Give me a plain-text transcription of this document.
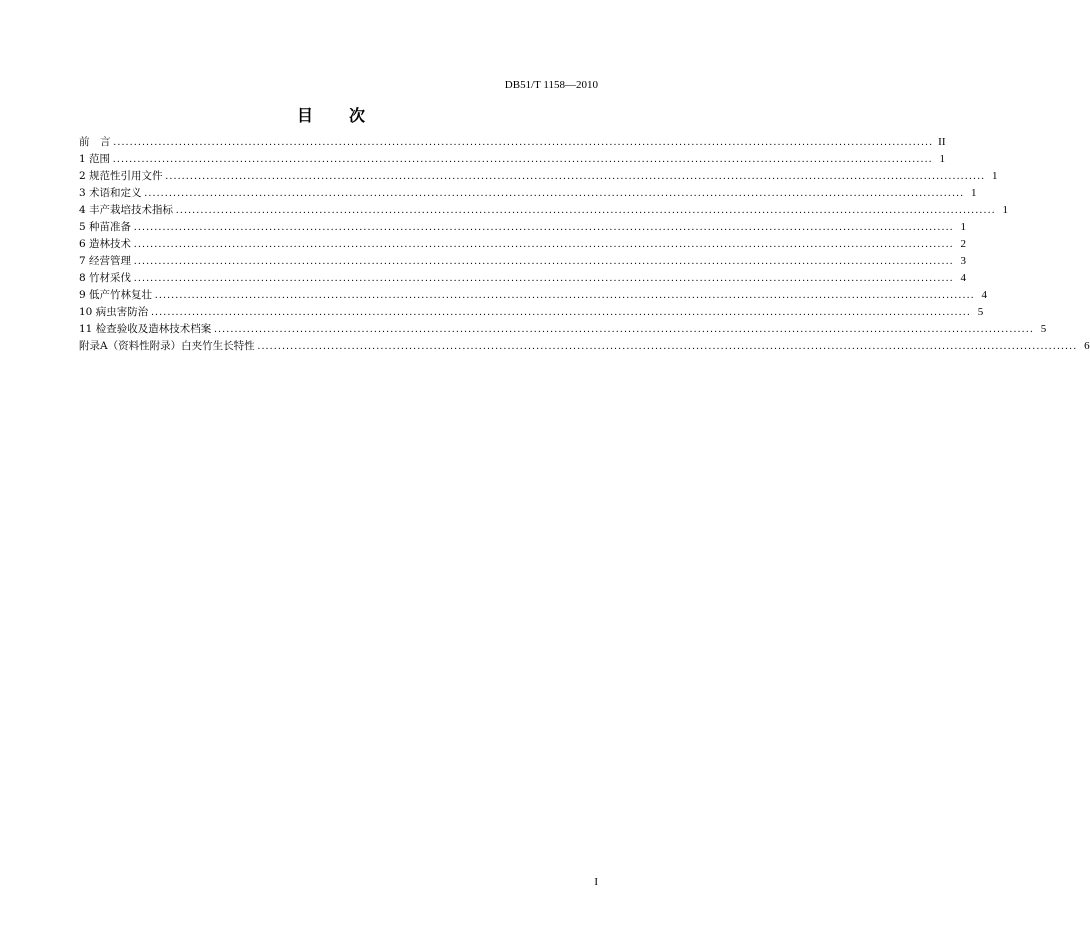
DB51/T 1158—2010
目 次
前　言 ........................................................................................................................................................................................................ II
1 范围 ........................................................................................................................................................................................................ 1
2 规范性引用文件 ........................................................................................................................................................................................................ 1
3 术语和定义 ........................................................................................................................................................................................................ 1
4 丰产栽培技术指标 ........................................................................................................................................................................................................ 1
5 种苗准备 ........................................................................................................................................................................................................ 1
6 造林技术 ........................................................................................................................................................................................................ 2
7 经营管理 ........................................................................................................................................................................................................ 3
8 竹材采伐 ........................................................................................................................................................................................................ 4
9 低产竹林复壮 ........................................................................................................................................................................................................ 4
10 病虫害防治 ........................................................................................................................................................................................................ 5
11 检查验收及造林技术档案 ........................................................................................................................................................................................................ 5
附录A（资料性附录）白夹竹生长特性 ........................................................................................................................................................................................................ 6
I
